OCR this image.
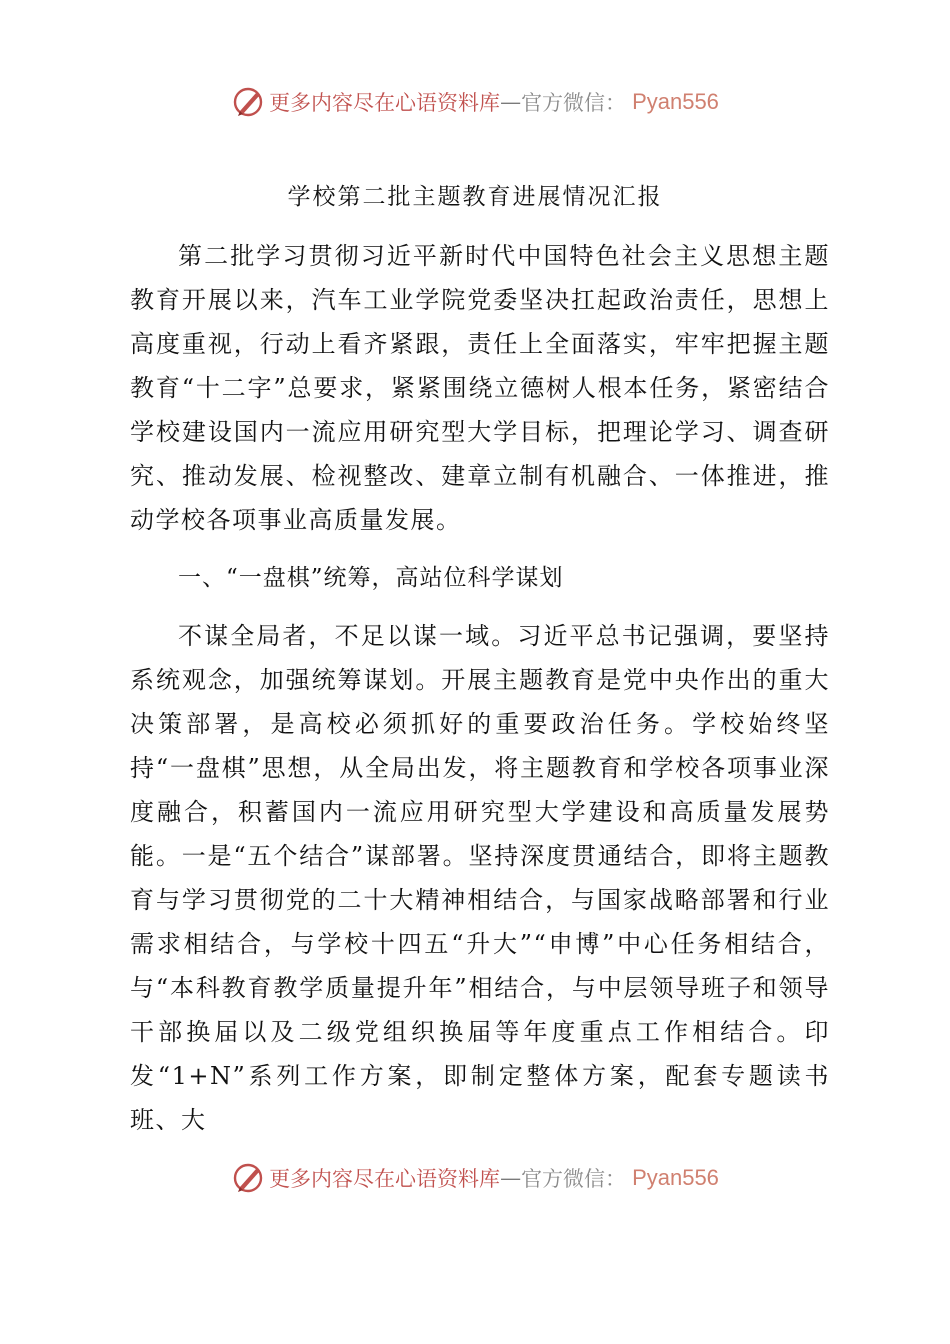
更多内容尽在心语资料库 — 官方微信： Pyan556
学校第二批主题教育进展情况汇报

第二批学习贯彻习近平新时代中国特色社会主义思想主题教育开展以来，汽车工业学院党委坚决扛起政治责任，思想上高度重视，行动上看齐紧跟，责任上全面落实，牢牢把握主题教育“十二字”总要求，紧紧围绕立德树人根本任务，紧密结合学校建设国内一流应用研究型大学目标，把理论学习、调查研究、推动发展、检视整改、建章立制有机融合、一体推进，推动学校各项事业高质量发展。

一、“一盘棋”统筹，高站位科学谋划

不谋全局者，不足以谋一域。习近平总书记强调，要坚持系统观念，加强统筹谋划。开展主题教育是党中央作出的重大决策部署，是高校必须抓好的重要政治任务。学校始终坚持“一盘棋”思想，从全局出发，将主题教育和学校各项事业深度融合，积蓄国内一流应用研究型大学建设和高质量发展势能。一是“五个结合”谋部署。坚持深度贯通结合，即将主题教育与学习贯彻党的二十大精神相结合，与国家战略部署和行业需求相结合，与学校十四五“升大”“申博”中心任务相结合，与“本科教育教学质量提升年”相结合，与中层领导班子和领导干部换届以及二级党组织换届等年度重点工作相结合。印发“1+N”系列工作方案，即制定整体方案，配套专题读书班、大

更多内容尽在心语资料库 — 官方微信： Pyan556
